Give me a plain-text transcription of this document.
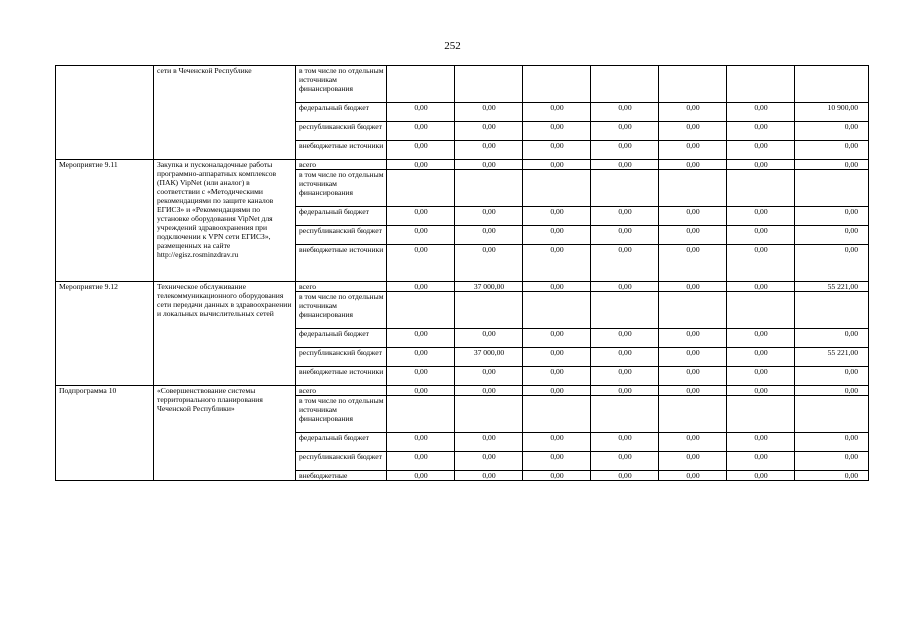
252
	сети в Чеченской Республике	в том числе по отдельным источникам финансирования							
		федеральный бюджет	0,00	0,00	0,00	0,00	0,00	0,00	10 900,00
		республиканский бюджет	0,00	0,00	0,00	0,00	0,00	0,00	0,00
		внебюджетные источники	0,00	0,00	0,00	0,00	0,00	0,00	0,00
Мероприятие 9.11	Закупка и пусконаладочные работы программно-аппаратных комплексов (ПАК) VipNet (или аналог) в соответствии с «Методическими рекомендациями по защите каналов ЕГИСЗ» и «Рекомендациями по установке оборудования VipNet для учреждений здравоохранения при подключении к VPN сети ЕГИСЗ», размещенных на сайте http://egisz.rosminzdrav.ru	всего	0,00	0,00	0,00	0,00	0,00	0,00	0,00
		в том числе по отдельным источникам финансирования							
		федеральный бюджет	0,00	0,00	0,00	0,00	0,00	0,00	0,00
		республиканский бюджет	0,00	0,00	0,00	0,00	0,00	0,00	0,00
		внебюджетные источники	0,00	0,00	0,00	0,00	0,00	0,00	0,00
Мероприятие 9.12	Техническое обслуживание телекоммуникационного оборудования сети передачи данных в здравоохранении и локальных вычислительных сетей	всего	0,00	37 000,00	0,00	0,00	0,00	0,00	55 221,00
		в том числе по отдельным источникам финансирования							
		федеральный бюджет	0,00	0,00	0,00	0,00	0,00	0,00	0,00
		республиканский бюджет	0,00	37 000,00	0,00	0,00	0,00	0,00	55 221,00
		внебюджетные источники	0,00	0,00	0,00	0,00	0,00	0,00	0,00
Подпрограмма 10	«Совершенствование системы территориального планирования Чеченской Республики»	всего	0,00	0,00	0,00	0,00	0,00	0,00	0,00
		в том числе по отдельным источникам финансирования							
		федеральный бюджет	0,00	0,00	0,00	0,00	0,00	0,00	0,00
		республиканский бюджет	0,00	0,00	0,00	0,00	0,00	0,00	0,00
		внебюджетные	0,00	0,00	0,00	0,00	0,00	0,00	0,00
